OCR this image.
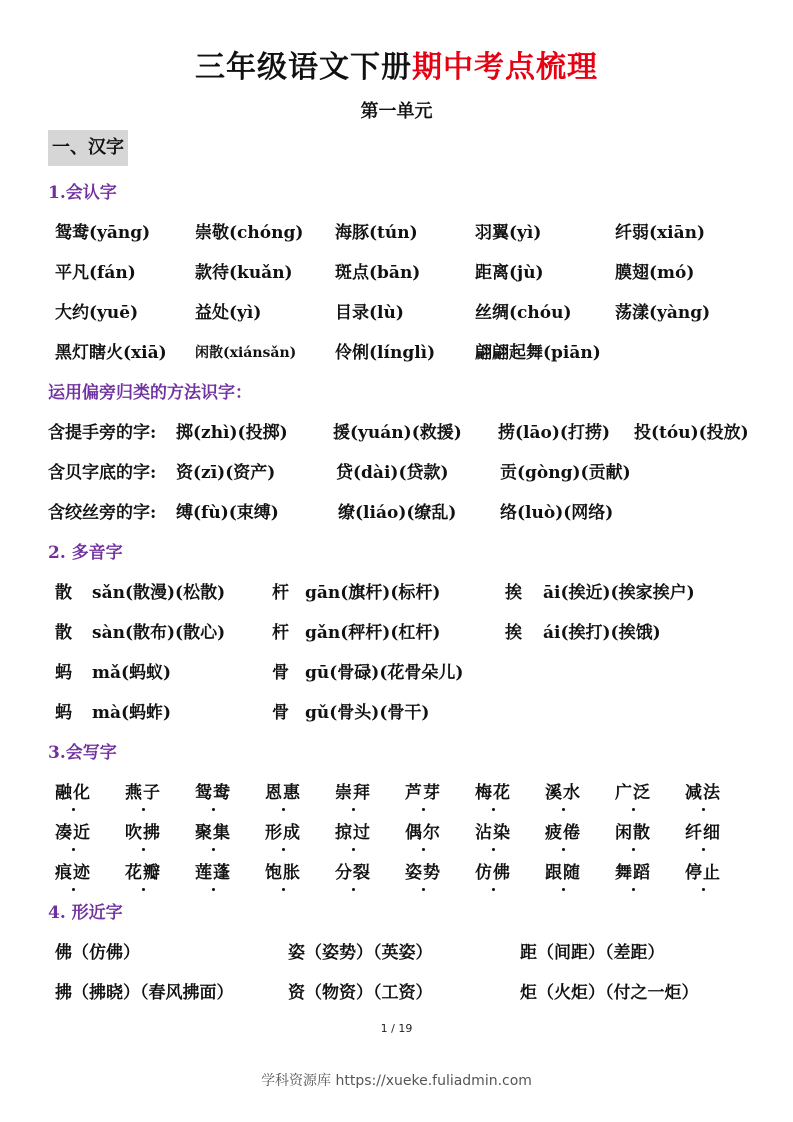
三年级语文下册期中考点梳理
第一单元
一、汉字
1.会认字
鸳鸯(yāng)	崇敬(chóng) 海豚(tún)	羽翼(yì)	纤弱(xiān)
平凡(fán)	款待(kuǎn) 斑点(bān)	距离(jù)	膜翅(mó)
大约(yuē)	益处(yì)	目录(lù)	丝绸(chóu)	荡漾(yàng)
黑灯瞎火(xiā) 闲散(xiánsǎn) 伶俐(línglì) 翩翩起舞(piān)
运用偏旁归类的方法识字：
含提手旁的字: 掷(zhì)(投掷)	援(yuán)(救援) 捞(lāo)(打捞) 投(tóu)(投放)
含贝字底的字: 资(zī)(资产)	贷(dài)(贷款)	贡(gòng)(贡献)
含绞丝旁的字: 缚(fù)(束缚)	缭(liáo)(缭乱)	络(luò)(网络)
2. 多音字
散 sǎn(散漫)(松散)	杆 gān(旗杆)(标杆)	挨 āi(挨近)(挨家挨户)
散 sàn(散布)(散心)	杆 gǎn(秤杆)(杠杆)	挨 ái(挨打)(挨饿)
蚂 mǎ(蚂蚁)	骨 gū(骨碌)(花骨朵儿)
蚂 mà(蚂蚱)	骨 gǔ(骨头)(骨干)
3.会写字
融化 燕子 鸳鸯 恩惠 崇拜 芦芽 梅花 溪水 广泛 减法
凑近 吹拂 聚集 形成 掠过 偶尔 沾染 疲倦 闲散 纤细
痕迹 花瓣 莲蓬 饱胀 分裂 姿势 仿佛 跟随 舞蹈 停止
4. 形近字
佛（仿佛）	姿（姿势）（英姿）	距（间距）（差距）
拂（拂晓）（春风拂面）	资（物资）（工资）	炬（火炬）（付之一炬）
1 / 19
学科资源库 https://xueke.fuliadmin.com
